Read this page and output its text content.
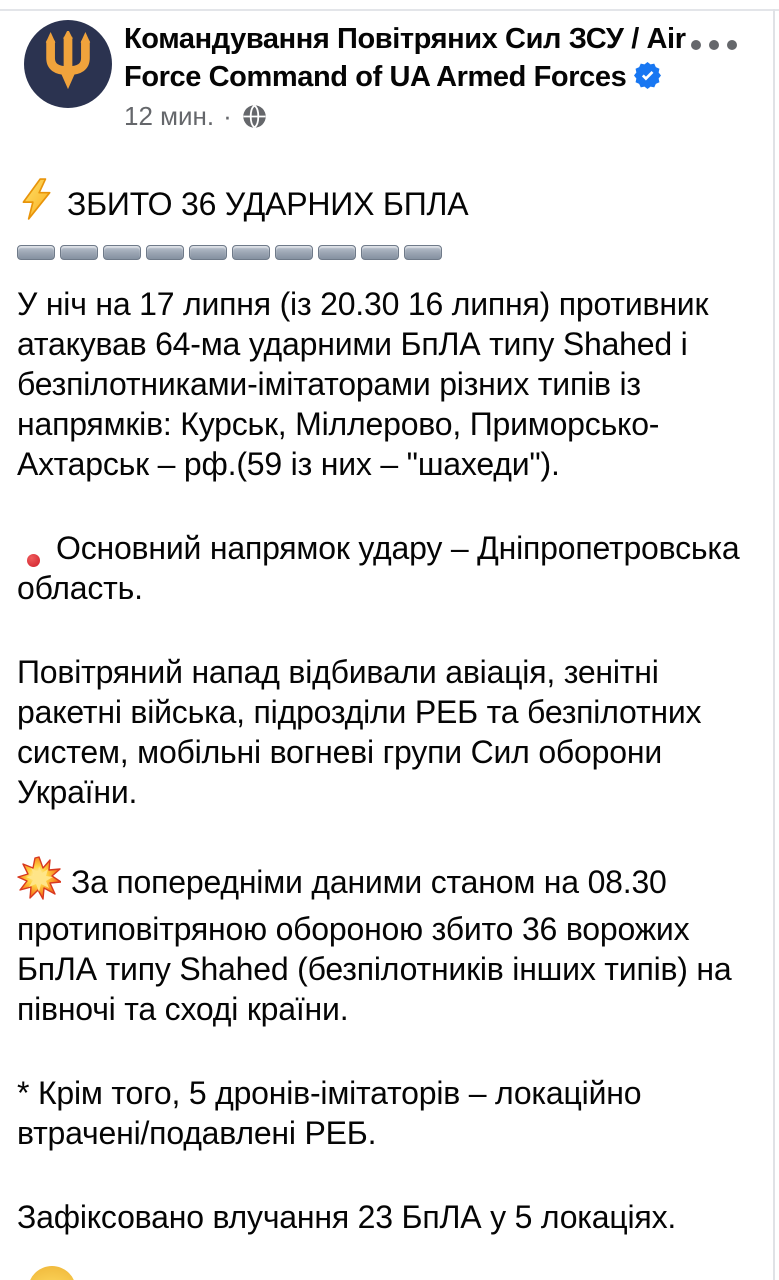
Командування Повітряних Сил ЗСУ / Air Force Command of UA Armed Forces
12 мин. ·
ЗБИТО 36 УДАРНИХ БПЛА

У ніч на 17 липня (із 20.30 16 липня) противник атакував 64-ма ударними БпЛА типу Shahed і безпілотниками-імітаторами різних типів із напрямків: Курськ, Міллерово, Приморсько-Ахтарськ – рф.(59 із них – "шахеди").

Основний напрямок удару – Дніпропетровська область.

Повітряний напад відбивали авіація, зенітні ракетні війська, підрозділи РЕБ та безпілотних систем, мобільні вогневі групи Сил оборони України.

За попередніми даними станом на 08.30 протиповітряною обороною збито 36 ворожих БпЛА типу Shahed (безпілотників інших типів) на півночі та сході країни.

* Крім того, 5 дронів-імітаторів – локаційно втрачені/подавлені РЕБ.

Зафіксовано влучання 23 БпЛА у 5 локаціях.
